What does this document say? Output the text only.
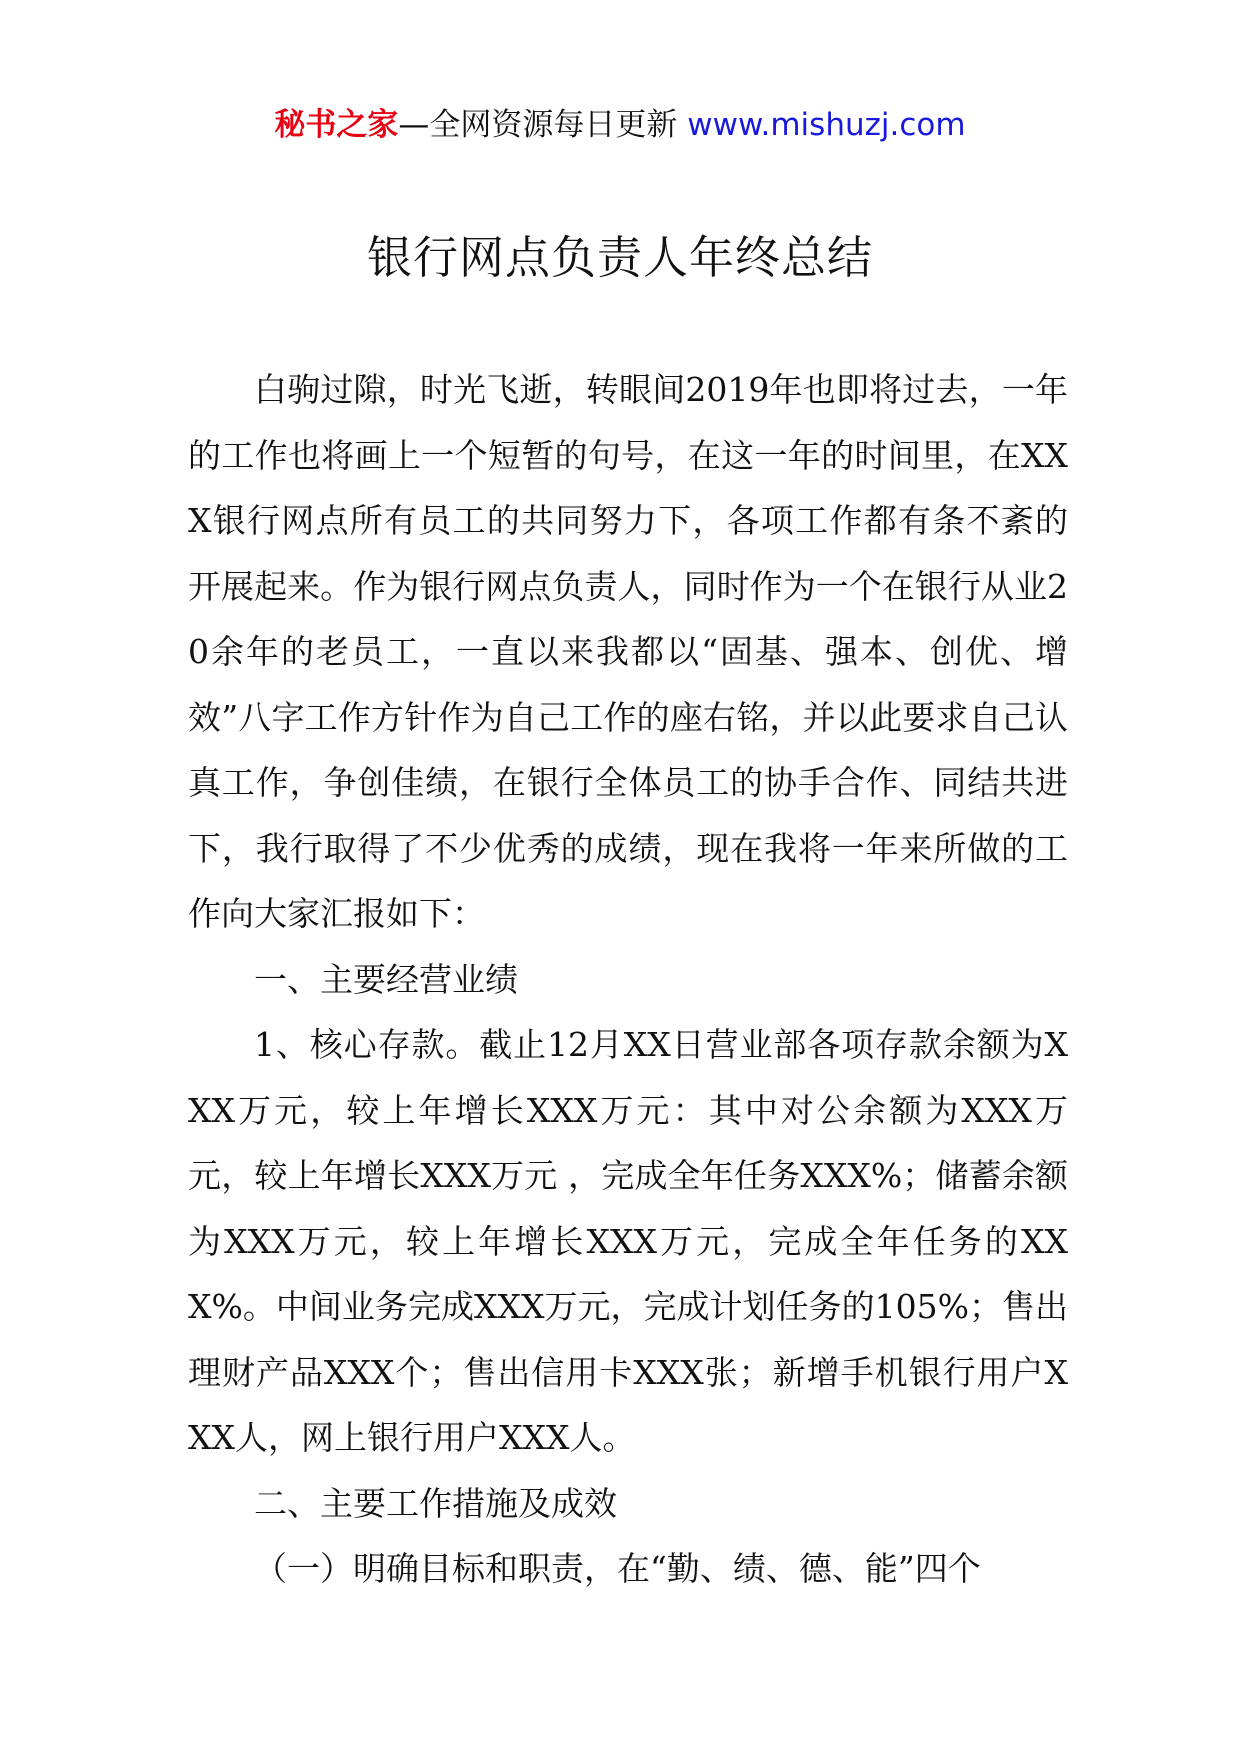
秘书之家—全网资源每日更新 www.mishuzj.com
银行网点负责人年终总结

白驹过隙，时光飞逝，转眼间2019年也即将过去，一年的工作也将画上一个短暂的句号，在这一年的时间里，在XXX银行网点所有员工的共同努力下，各项工作都有条不紊的开展起来。作为银行网点负责人，同时作为一个在银行从业20余年的老员工，一直以来我都以“固基、强本、创优、增效”八字工作方针作为自己工作的座右铭，并以此要求自己认真工作，争创佳绩，在银行全体员工的协手合作、同结共进下，我行取得了不少优秀的成绩，现在我将一年来所做的工作向大家汇报如下：

一、主要经营业绩

1、核心存款。截止12月XX日营业部各项存款余额为XXX万元，较上年增长XXX万元：其中对公余额为XXX万元，较上年增长XXX万元 ，完成全年任务XXX%；储蓄余额为XXX万元，较上年增长XXX万元，完成全年任务的XXX%。中间业务完成XXX万元，完成计划任务的105%；售出理财产品XXX个；售出信用卡XXX张；新增手机银行用户XXX人，网上银行用户XXX人。

二、主要工作措施及成效

（一）明确目标和职责，在“勤、绩、德、能”四个
